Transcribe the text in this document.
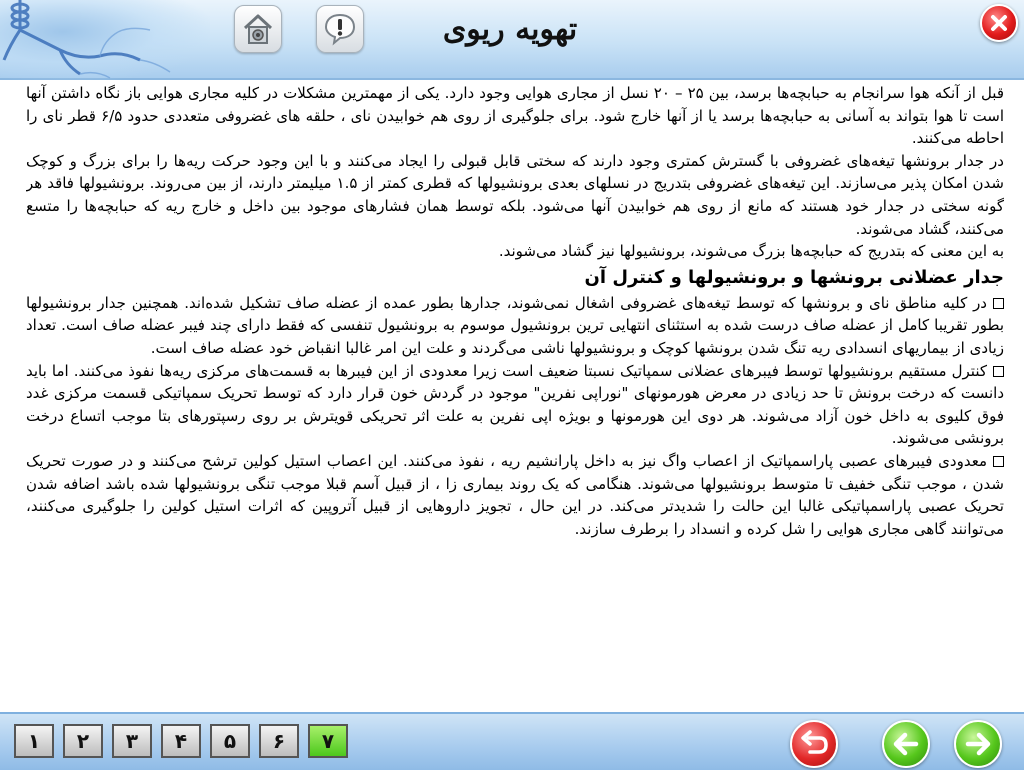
تهویه ریوی

قبل از آنکه هوا سرانجام به حبابچه‌ها برسد، بین ۲۵ – ۲۰ نسل از مجاری هوایی وجود دارد. یکی از مهمترین مشکلات در کلیه مجاری هوایی باز نگاه داشتن آنها است تا هوا بتواند به آسانی به حبابچه‌ها برسد یا از آنها خارج شود. برای جلوگیری از روی هم خوابیدن نای ، حلقه های غضروفی متعددی حدود ۶/۵ قطر نای را احاطه می‌کنند.

در جدار برونشها تیغه‌های غضروفی با گسترش کمتری وجود دارند که سختی قابل قبولی را ایجاد می‌کنند و با این وجود حرکت ریه‌ها را برای بزرگ و کوچک شدن امکان پذیر می‌سازند. این تیغه‌های غضروفی بتدریج در نسلهای بعدی برونشیولها که قطری کمتر از ۱.۵ میلیمتر دارند، از بین می‌روند. برونشیولها فاقد هر گونه سختی در جدار خود هستند که مانع از روی هم خوابیدن آنها می‌شود. بلکه توسط همان فشارهای موجود بین داخل و خارج ریه که حبابچه‌ها را متسع می‌کنند، گشاد می‌شوند.

به این معنی که بتدریج که حبابچه‌ها بزرگ می‌شوند، برونشیولها نیز گشاد می‌شوند.

جدار عضلانی برونشها و برونشیولها و کنترل آن

در کلیه مناطق نای و برونشها که توسط تیغه‌های غضروفی اشغال نمی‌شوند، جدارها بطور عمده از عضله صاف تشکیل شده‌اند. همچنین جدار برونشیولها بطور تقریبا کامل از عضله صاف درست شده به استثنای انتهایی ترین برونشیول موسوم به برونشیول تنفسی که فقط دارای چند فیبر عضله صاف است. تعداد زیادی از بیماریهای انسدادی ریه تنگ شدن برونشها کوچک و برونشیولها ناشی می‌گردند و علت این امر غالبا انقباض خود عضله صاف است.

کنترل مستقیم برونشیولها توسط فیبرهای عضلانی سمپاتیک نسبتا ضعیف است زیرا معدودی از این فیبرها به قسمت‌های مرکزی ریه‌ها نفوذ می‌کنند. اما باید دانست که درخت برونش تا حد زیادی در معرض هورمونهای "نوراپی نفرین" موجود در گردش خون قرار دارد که توسط تحریک سمپاتیکی قسمت مرکزی غدد فوق کلیوی به داخل خون آزاد می‌شوند. هر دوی این هورمونها و بویژه اپی نفرین به علت اثر تحریکی قویترش بر روی رسپتورهای بتا موجب اتساع درخت برونشی می‌شوند.

معدودی فیبرهای عصبی پاراسمپاتیک از اعصاب واگ نیز به داخل پارانشیم ریه ، نفوذ می‌کنند. این اعصاب استیل کولین ترشح می‌کنند و در صورت تحریک شدن ، موجب تنگی خفیف تا متوسط برونشیولها می‌شوند. هنگامی که یک روند بیماری زا ، از قبیل آسم قبلا موجب تنگی برونشیولها شده باشد اضافه شدن تحریک عصبی پاراسمپاتیکی غالبا این حالت را شدیدتر می‌کند. در این حال ، تجویز داروهایی از قبیل آتروپین که اثرات استیل کولین را جلوگیری می‌کنند، می‌توانند گاهی مجاری هوایی را شل کرده و انسداد را برطرف سازند.

۱	۲	۳	۴	۵	۶	۷
